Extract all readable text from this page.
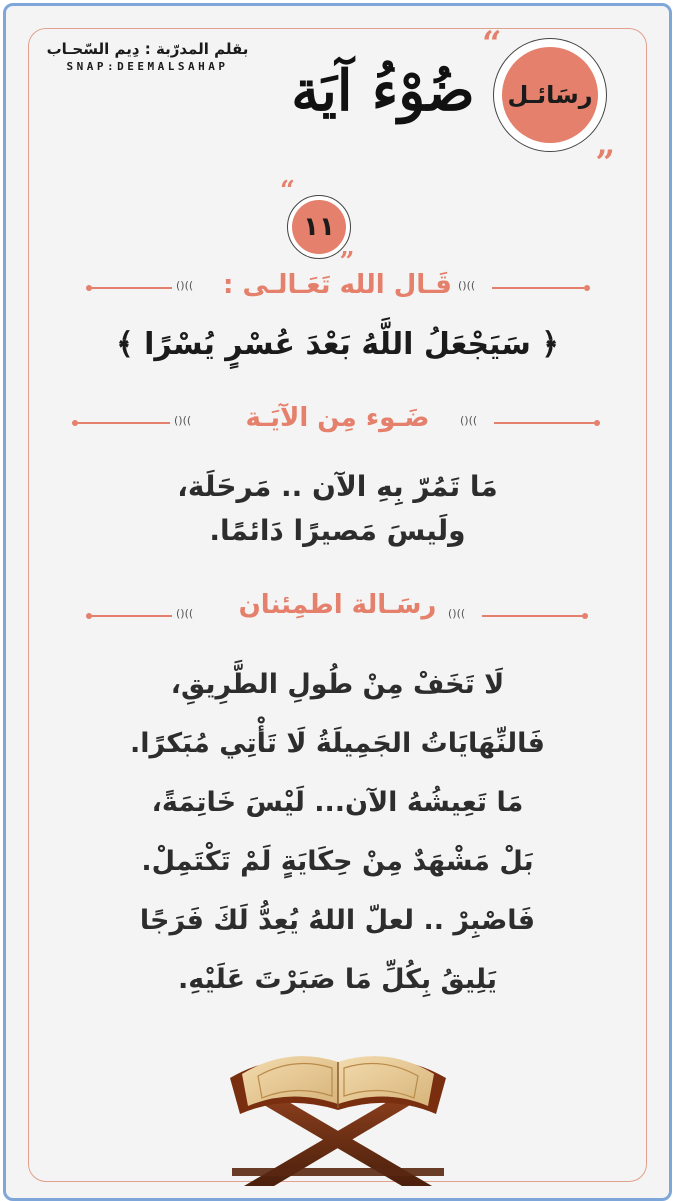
بقلم المدرّبة : دِيم السّحـاب
SNAP:DEEMALSAHAP	ضُوْءُ آيَة
“
رسَائـل
„
“
١١
„
()((	()((
قَـال الله تَعَـالـى :
﴿ سَيَجْعَلُ اللَّهُ بَعْدَ عُسْرٍ يُسْرًا ﴾
()((	()((
ضَـوء مِن الآيَـة
مَا تَمُرّ بِهِ الآن .. مَرحَلَة،
ولَيسَ مَصيرًا دَائمًا.
()((	()((
رسَـالة اطمِئنان
لَا تَخَفْ مِنْ طُولِ الطَّرِيقِ،
فَالنِّهَايَاتُ الجَمِيلَةُ لَا تَأْتِي مُبَكرًا.
مَا تَعِيشُهُ الآن... لَيْسَ خَاتِمَةً،
بَلْ مَشْهَدٌ مِنْ حِكَايَةٍ لَمْ تَكْتَمِلْ.
فَاصْبِرْ .. لعلّ اللهُ يُعِدُّ لَكَ فَرَجًا
يَلِيقُ بِكُلِّ مَا صَبَرْتَ عَلَيْهِ.
